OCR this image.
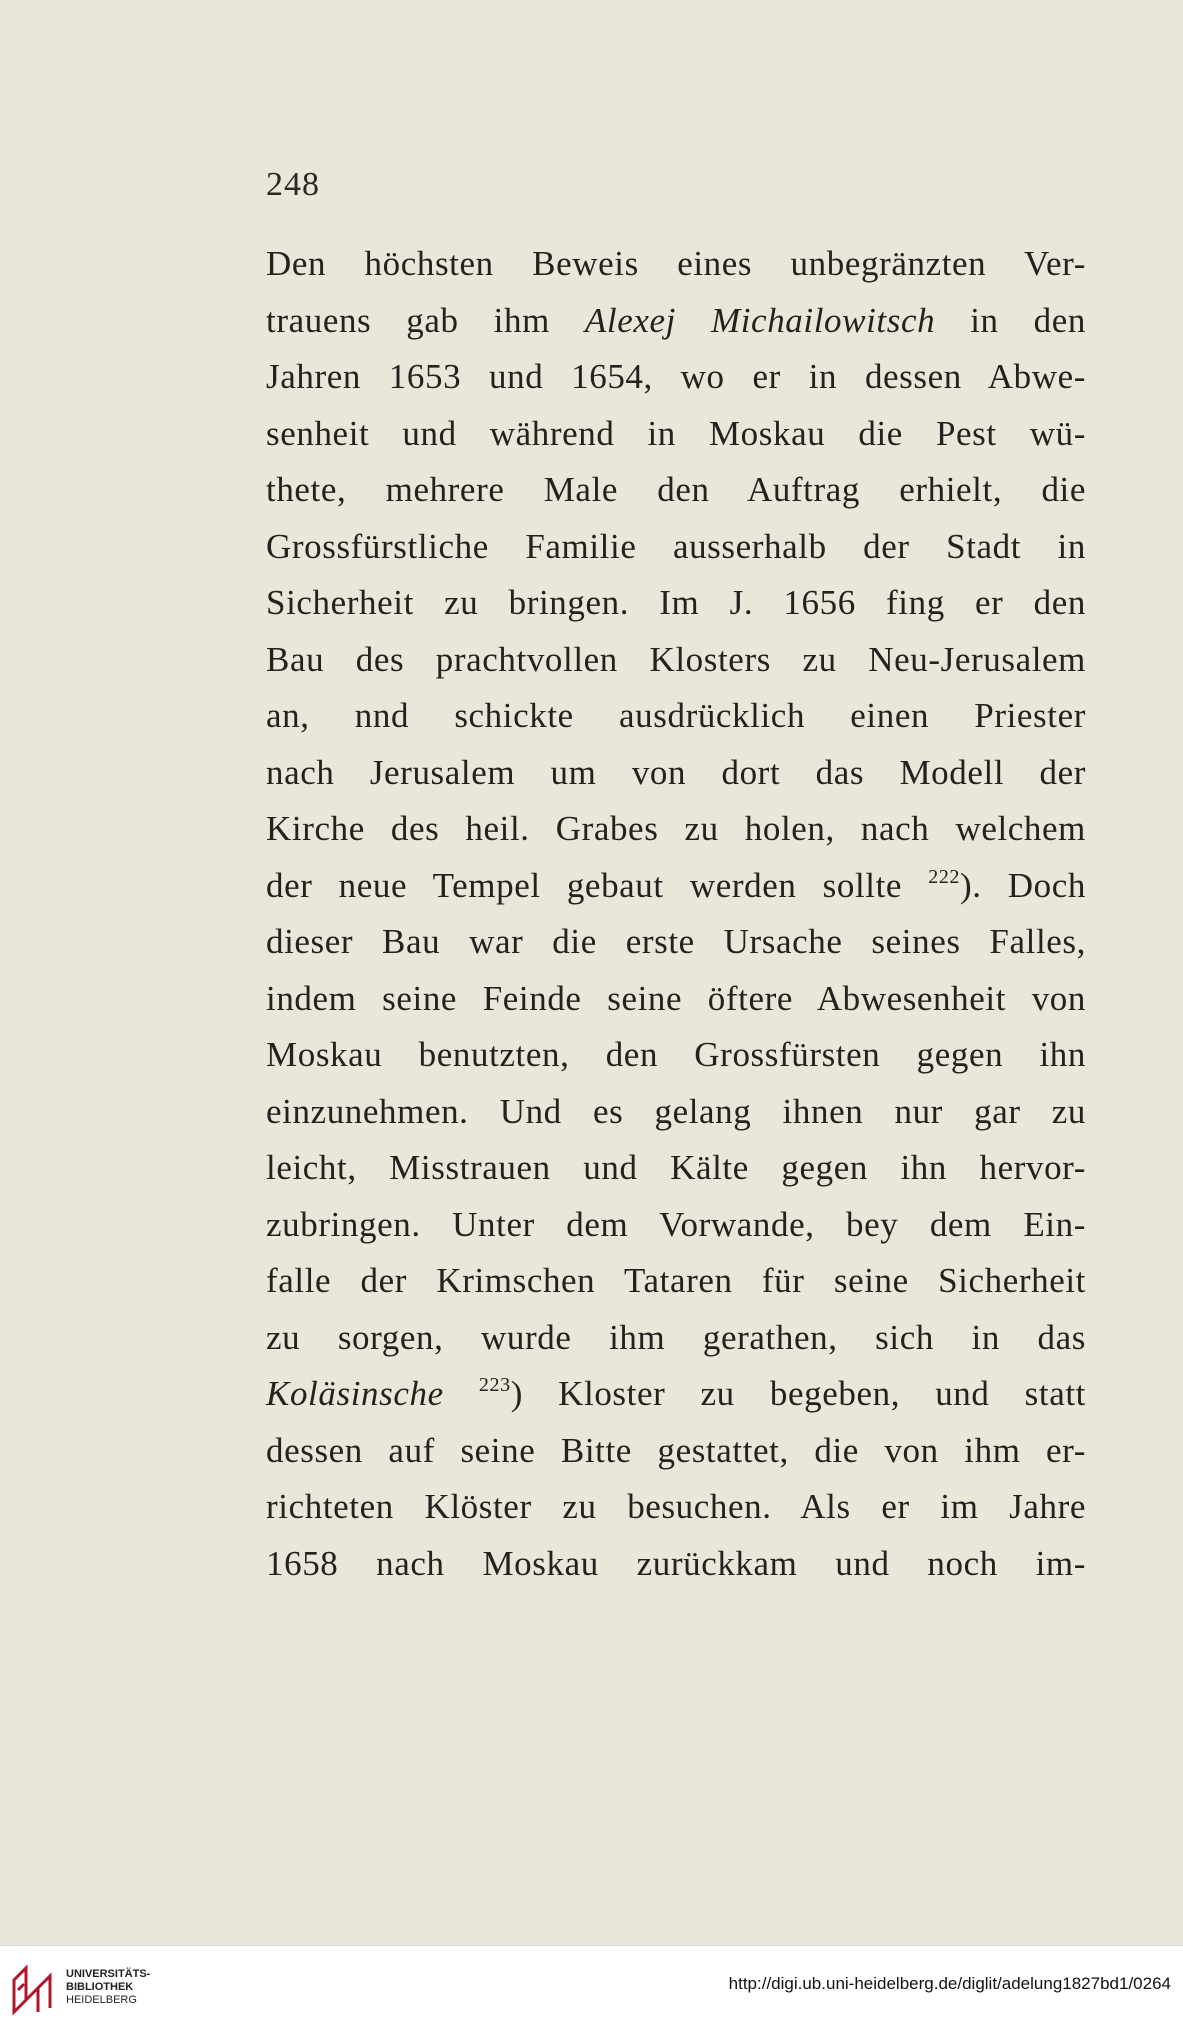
248
Den höchsten Beweis eines unbegränzten Ver-
trauens gab ihm Alexej Michailowitsch in den
Jahren 1653 und 1654, wo er in dessen Abwe-
senheit und während in Moskau die Pest wü-
thete, mehrere Male den Auftrag erhielt, die
Grossfürstliche Familie ausserhalb der Stadt in
Sicherheit zu bringen. Im J. 1656 fing er den
Bau des prachtvollen Klosters zu Neu-Jerusalem
an, nnd schickte ausdrücklich einen Priester
nach Jerusalem um von dort das Modell der
Kirche des heil. Grabes zu holen, nach welchem
der neue Tempel gebaut werden sollte $^{222}$). Doch
dieser Bau war die erste Ursache seines Falles,
indem seine Feinde seine öftere Abwesenheit von
Moskau benutzten, den Grossfürsten gegen ihn
einzunehmen. Und es gelang ihnen nur gar zu
leicht, Misstrauen und Kälte gegen ihn hervor-
zubringen. Unter dem Vorwande, bey dem Ein-
falle der Krimschen Tataren für seine Sicherheit
zu sorgen, wurde ihm gerathen, sich in das
Koläsinsche $^{223}$) Kloster zu begeben, und statt
dessen auf seine Bitte gestattet, die von ihm er-
richteten Klöster zu besuchen. Als er im Jahre
1658 nach Moskau zurückkam und noch im-
UNIVERSITÄTS-
BIBLIOTHEK
HEIDELBERG
http://digi.ub.uni-heidelberg.de/diglit/adelung1827bd1/0264
